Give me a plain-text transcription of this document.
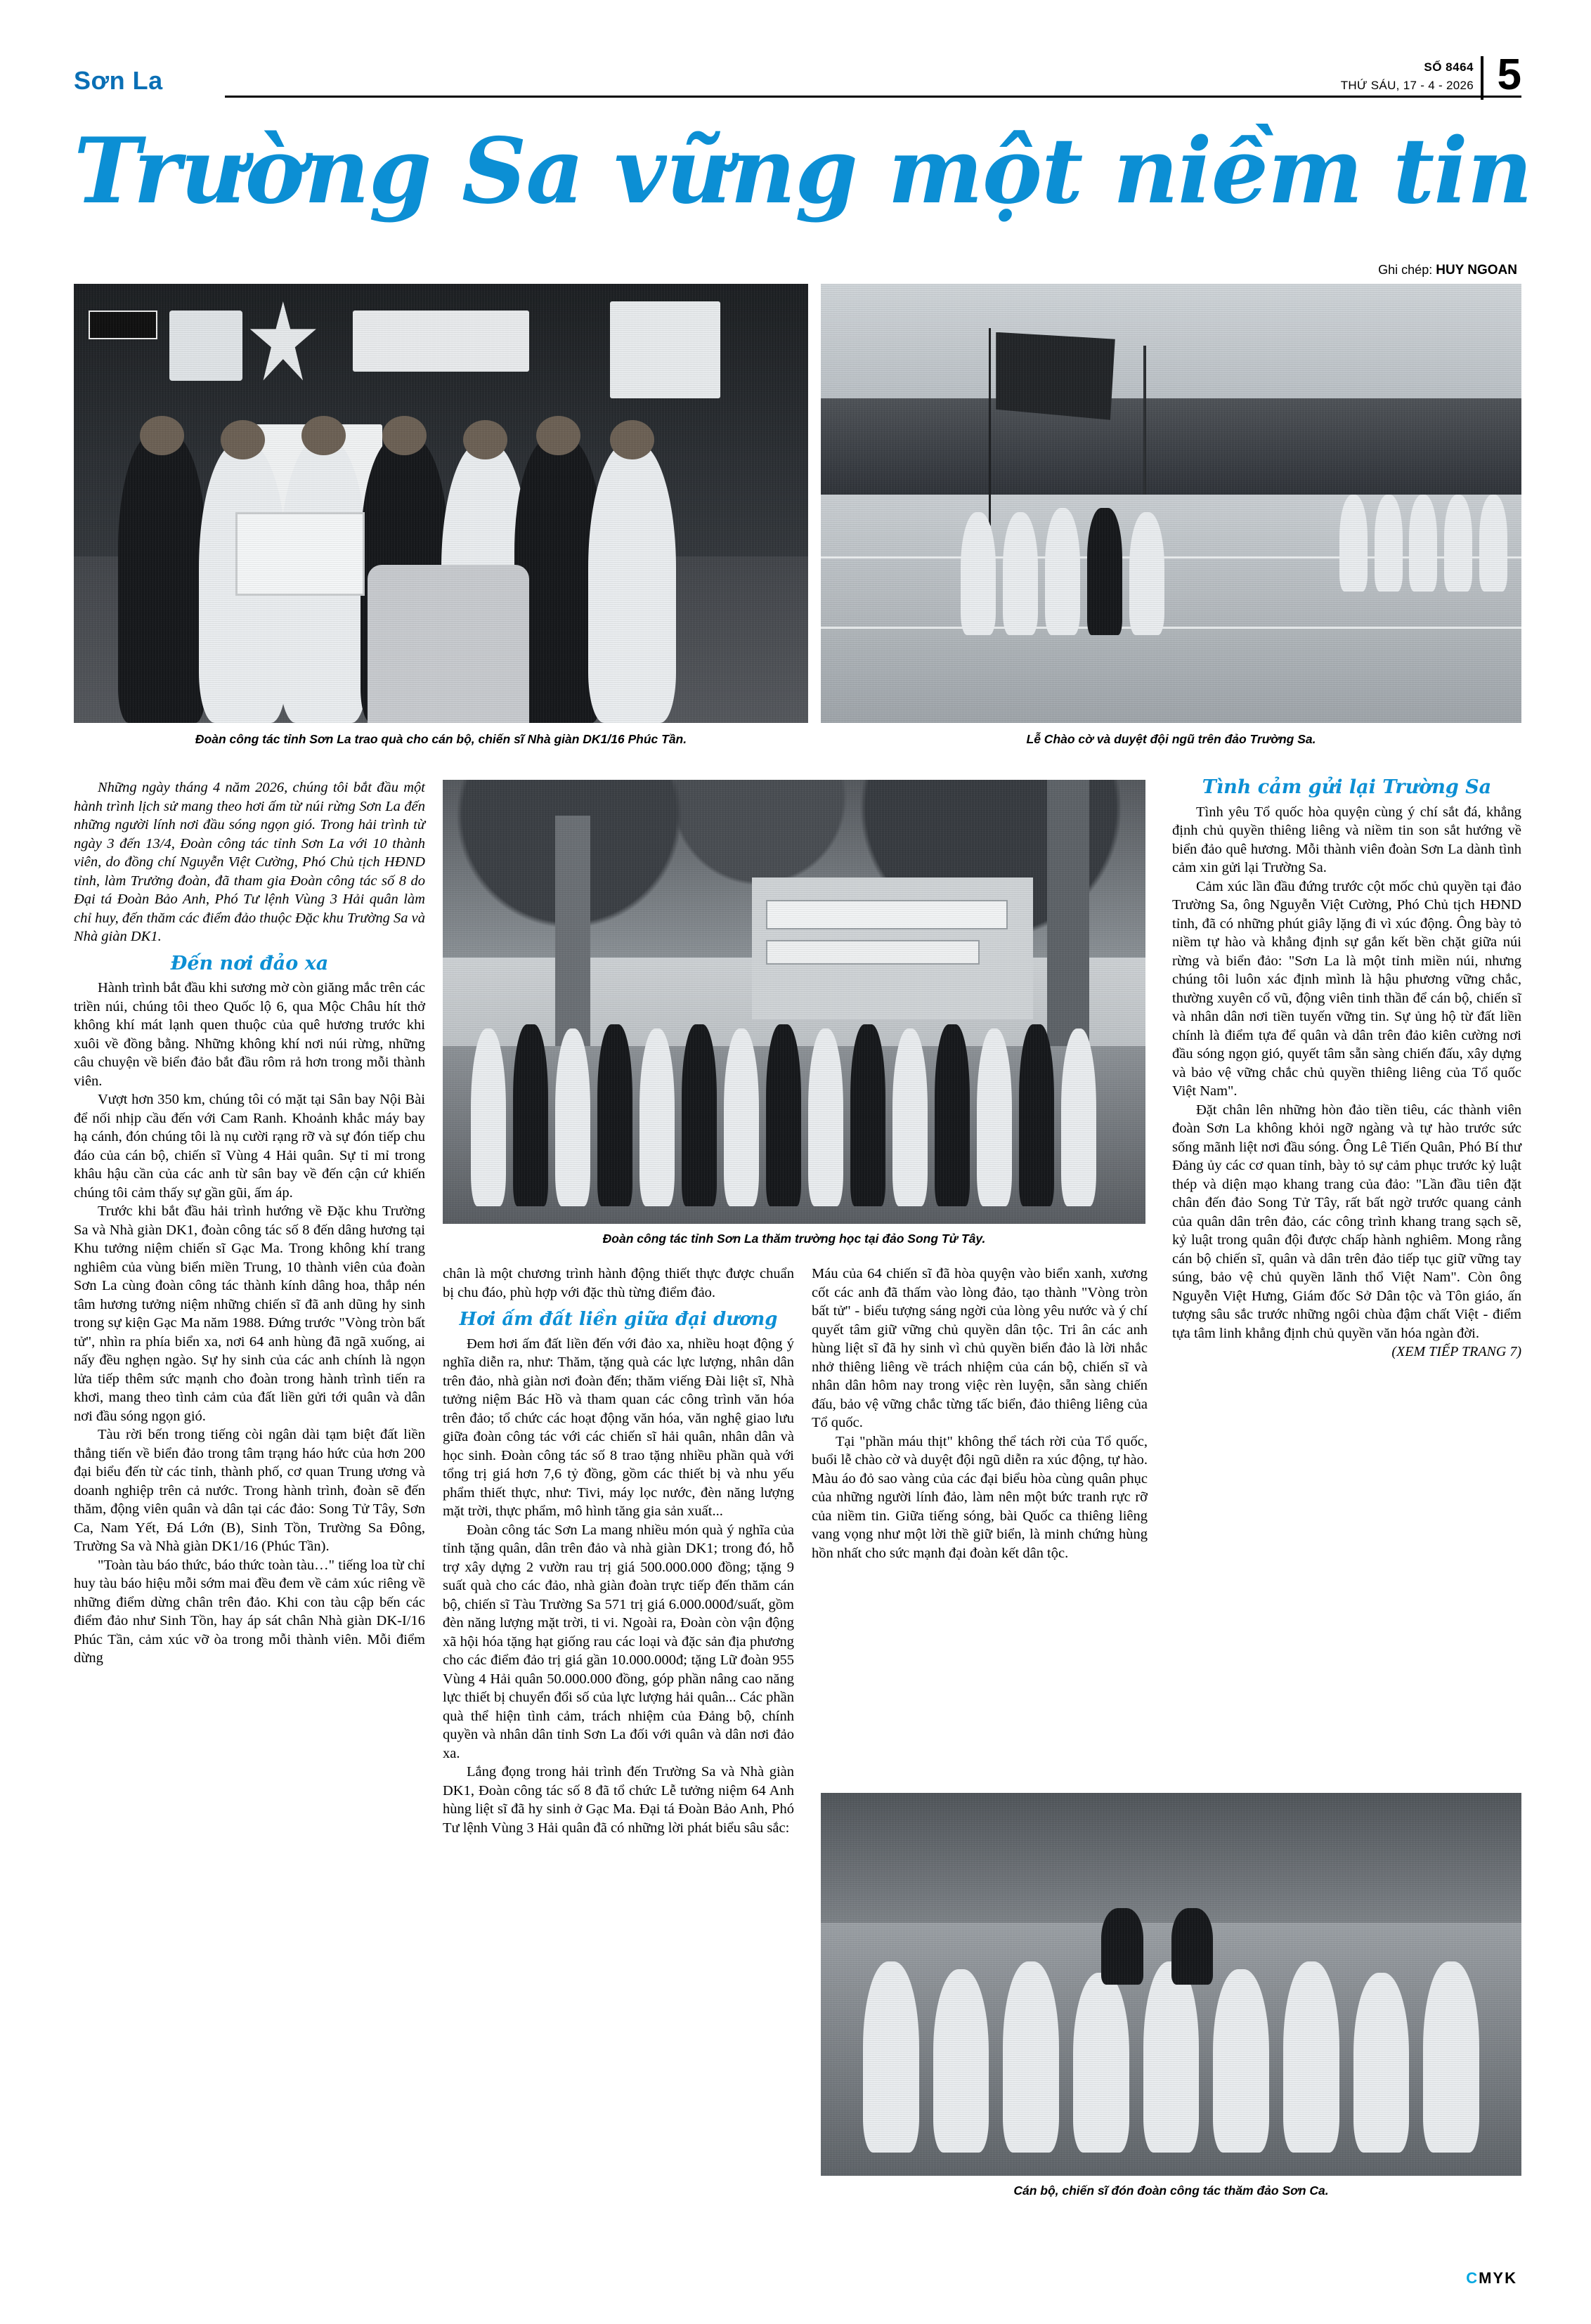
Sơn La	SỐ 8464
THỨ SÁU, 17 - 4 - 2026 5
Trường Sa vững một niềm tin
Ghi chép: HUY NGOAN
Đoàn công tác tỉnh Sơn La trao quà cho cán bộ, chiến sĩ Nhà giàn DK1/16 Phúc Tần.	Lễ Chào cờ và duyệt đội ngũ trên đảo Trường Sa.
Đoàn công tác tỉnh Sơn La thăm trường học tại đảo Song Tử Tây.
Cán bộ, chiến sĩ đón đoàn công tác thăm đảo Sơn Ca.

Những ngày tháng 4 năm 2026, chúng tôi bắt đầu một hành trình lịch sử mang theo hơi ấm từ núi rừng Sơn La đến những người lính nơi đầu sóng ngọn gió. Trong hải trình từ ngày 3 đến 13/4, Đoàn công tác tỉnh Sơn La với 10 thành viên, do đồng chí Nguyễn Việt Cường, Phó Chủ tịch HĐND tỉnh, làm Trưởng đoàn, đã tham gia Đoàn công tác số 8 do Đại tá Đoàn Bảo Anh, Phó Tư lệnh Vùng 3 Hải quân làm chỉ huy, đến thăm các điểm đảo thuộc Đặc khu Trường Sa và Nhà giàn DK1.

Đến nơi đảo xa

Hành trình bắt đầu khi sương mờ còn giăng mắc trên các triền núi, chúng tôi theo Quốc lộ 6, qua Mộc Châu hít thở không khí mát lạnh quen thuộc của quê hương trước khi xuôi về đồng bằng. Những không khí nơi núi rừng, những câu chuyện về biển đảo bắt đầu rôm rả hơn trong mỗi thành viên.

Vượt hơn 350 km, chúng tôi có mặt tại Sân bay Nội Bài để nối nhịp cầu đến với Cam Ranh. Khoảnh khắc máy bay hạ cánh, đón chúng tôi là nụ cười rạng rỡ và sự đón tiếp chu đáo của cán bộ, chiến sĩ Vùng 4 Hải quân. Sự tỉ mỉ trong khâu hậu cần của các anh từ sân bay về đến cận cứ khiến chúng tôi cảm thấy sự gần gũi, ấm áp.

Trước khi bắt đầu hải trình hướng về Đặc khu Trường Sa và Nhà giàn DK1, đoàn công tác số 8 đến dâng hương tại Khu tưởng niệm chiến sĩ Gạc Ma. Trong không khí trang nghiêm của vùng biển miền Trung, 10 thành viên của đoàn Sơn La cùng đoàn công tác thành kính dâng hoa, thắp nén tâm hương tưởng niệm những chiến sĩ đã anh dũng hy sinh trong sự kiện Gạc Ma năm 1988. Đứng trước "Vòng tròn bất tử", nhìn ra phía biển xa, nơi 64 anh hùng đã ngã xuống, ai nấy đều nghẹn ngào. Sự hy sinh của các anh chính là ngọn lửa tiếp thêm sức mạnh cho đoàn trong hành trình tiến ra khơi, mang theo tình cảm của đất liền gửi tới quân và dân nơi đầu sóng ngọn gió.

Tàu rời bến trong tiếng còi ngân dài tạm biệt đất liền thẳng tiến về biển đảo trong tâm trạng háo hức của hơn 200 đại biểu đến từ các tỉnh, thành phố, cơ quan Trung ương và doanh nghiệp trên cả nước. Trong hành trình, đoàn sẽ đến thăm, động viên quân và dân tại các đảo: Song Tử Tây, Sơn Ca, Nam Yết, Đá Lớn (B), Sinh Tồn, Trường Sa Đông, Trường Sa và Nhà giàn DK1/16 (Phúc Tần).

"Toàn tàu báo thức, báo thức toàn tàu…" tiếng loa từ chỉ huy tàu báo hiệu mỗi sớm mai đều đem về cảm xúc riêng về những điểm dừng chân trên đảo. Khi con tàu cập bến các điểm đảo như Sinh Tồn, hay áp sát chân Nhà giàn DK-I/16 Phúc Tần, cảm xúc vỡ òa trong mỗi thành viên. Mỗi điểm dừng

chân là một chương trình hành động thiết thực được chuẩn bị chu đáo, phù hợp với đặc thù từng điểm đảo.

Hơi ấm đất liền giữa đại dương

Đem hơi ấm đất liền đến với đảo xa, nhiều hoạt động ý nghĩa diễn ra, như: Thăm, tặng quà các lực lượng, nhân dân trên đảo, nhà giàn nơi đoàn đến; thăm viếng Đài liệt sĩ, Nhà tưởng niệm Bác Hồ và tham quan các công trình văn hóa trên đảo; tổ chức các hoạt động văn hóa, văn nghệ giao lưu giữa đoàn công tác với các chiến sĩ hải quân, nhân dân và học sinh. Đoàn công tác số 8 trao tặng nhiều phần quà với tổng trị giá hơn 7,6 tỷ đồng, gồm các thiết bị và nhu yếu phẩm thiết thực, như: Tivi, máy lọc nước, đèn năng lượng mặt trời, thực phẩm, mô hình tăng gia sản xuất...

Đoàn công tác Sơn La mang nhiều món quà ý nghĩa của tỉnh tặng quân, dân trên đảo và nhà giàn DK1; trong đó, hỗ trợ xây dựng 2 vườn rau trị giá 500.000.000 đồng; tặng 9 suất quà cho các đảo, nhà giàn đoàn trực tiếp đến thăm cán bộ, chiến sĩ Tàu Trường Sa 571 trị giá 6.000.000đ/suất, gồm đèn năng lượng mặt trời, ti vi. Ngoài ra, Đoàn còn vận động xã hội hóa tặng hạt giống rau các loại và đặc sản địa phương cho các điểm đảo trị giá gần 10.000.000đ; tặng Lữ đoàn 955 Vùng 4 Hải quân 50.000.000 đồng, góp phần nâng cao năng lực thiết bị chuyển đổi số của lực lượng hải quân... Các phần quà thể hiện tình cảm, trách nhiệm của Đảng bộ, chính quyền và nhân dân tỉnh Sơn La đối với quân và dân nơi đảo xa.

Lắng đọng trong hải trình đến Trường Sa và Nhà giàn DK1, Đoàn công tác số 8 đã tổ chức Lễ tưởng niệm 64 Anh hùng liệt sĩ đã hy sinh ở Gạc Ma. Đại tá Đoàn Bảo Anh, Phó Tư lệnh Vùng 3 Hải quân đã có những lời phát biểu sâu sắc:

Máu của 64 chiến sĩ đã hòa quyện vào biển xanh, xương cốt các anh đã thấm vào lòng đảo, tạo thành "Vòng tròn bất tử" - biểu tượng sáng ngời của lòng yêu nước và ý chí quyết tâm giữ vững chủ quyền dân tộc. Tri ân các anh hùng liệt sĩ đã hy sinh vì chủ quyền biển đảo là lời nhắc nhở thiêng liêng về trách nhiệm của cán bộ, chiến sĩ và nhân dân hôm nay trong việc rèn luyện, sẵn sàng chiến đấu, bảo vệ vững chắc từng tấc biển, đảo thiêng liêng của Tổ quốc.

Tại "phần máu thịt" không thể tách rời của Tổ quốc, buổi lễ chào cờ và duyệt đội ngũ diễn ra xúc động, tự hào. Màu áo đỏ sao vàng của các đại biểu hòa cùng quân phục của những người lính đảo, làm nên một bức tranh rực rỡ của niềm tin. Giữa tiếng sóng, bài Quốc ca thiêng liêng vang vọng như một lời thề giữ biển, là minh chứng hùng hồn nhất cho sức mạnh đại đoàn kết dân tộc.

Tình cảm gửi lại Trường Sa

Tình yêu Tổ quốc hòa quyện cùng ý chí sắt đá, khẳng định chủ quyền thiêng liêng và niềm tin son sắt hướng về biển đảo quê hương. Mỗi thành viên đoàn Sơn La dành tình cảm xin gửi lại Trường Sa.

Cảm xúc lần đầu đứng trước cột mốc chủ quyền tại đảo Trường Sa, ông Nguyễn Việt Cường, Phó Chủ tịch HĐND tỉnh, đã có những phút giây lặng đi vì xúc động. Ông bày tỏ niềm tự hào và khẳng định sự gắn kết bền chặt giữa núi rừng và biển đảo: "Sơn La là một tỉnh miền núi, nhưng chúng tôi luôn xác định mình là hậu phương vững chắc, thường xuyên cổ vũ, động viên tinh thần để cán bộ, chiến sĩ và nhân dân nơi tiền tuyến vững tin. Sự ủng hộ từ đất liền chính là điểm tựa để quân và dân trên đảo kiên cường nơi đầu sóng ngọn gió, quyết tâm sẵn sàng chiến đấu, xây dựng và bảo vệ vững chắc chủ quyền thiêng liêng của Tổ quốc Việt Nam".

Đặt chân lên những hòn đảo tiền tiêu, các thành viên đoàn Sơn La không khỏi ngỡ ngàng và tự hào trước sức sống mãnh liệt nơi đầu sóng. Ông Lê Tiến Quân, Phó Bí thư Đảng ủy các cơ quan tỉnh, bày tỏ sự cảm phục trước kỷ luật thép và diện mạo khang trang của đảo: "Lần đầu tiên đặt chân đến đảo Song Tử Tây, rất bất ngờ trước quang cảnh của quân dân trên đảo, các công trình khang trang sạch sẽ, kỷ luật trong quân đội được chấp hành nghiêm. Mong rằng cán bộ chiến sĩ, quân và dân trên đảo tiếp tục giữ vững tay súng, bảo vệ chủ quyền lãnh thổ Việt Nam". Còn ông Nguyễn Việt Hưng, Giám đốc Sở Dân tộc và Tôn giáo, ấn tượng sâu sắc trước những ngôi chùa đậm chất Việt - điểm tựa tâm linh khẳng định chủ quyền văn hóa ngàn đời.

(XEM TIẾP TRANG 7)

CMYK
